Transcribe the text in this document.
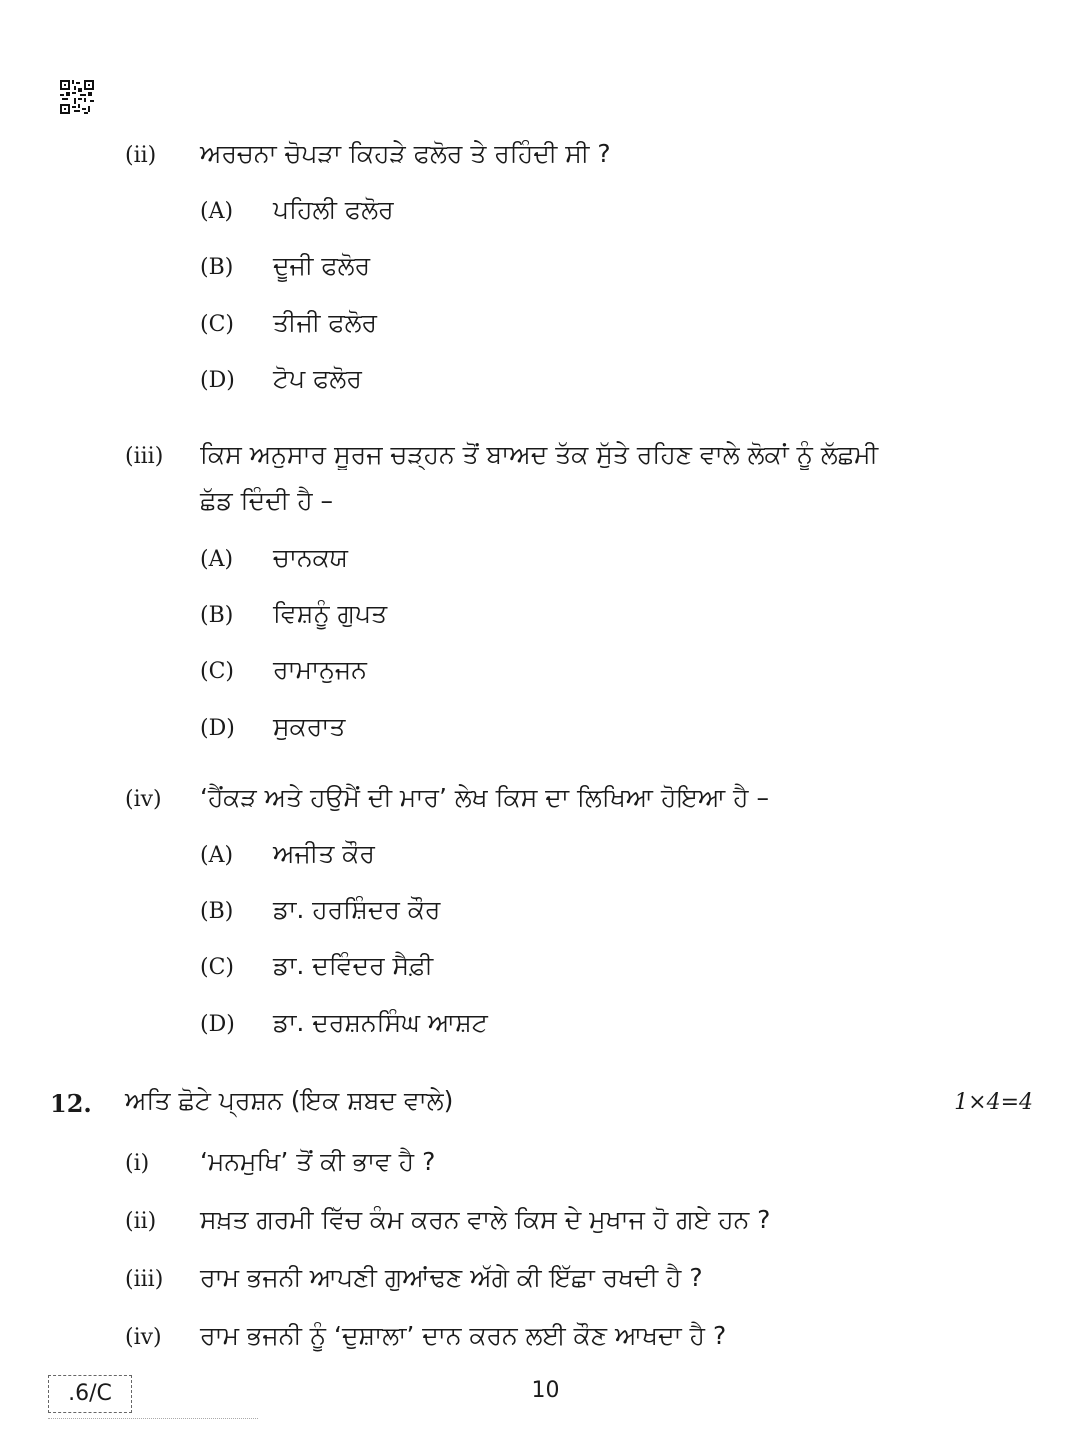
(ii) ਅਰਚਨਾ ਚੋਪੜਾ ਕਿਹੜੇ ਫਲੋਰ ਤੇ ਰਹਿੰਦੀ ਸੀ ?
(A) ਪਹਿਲੀ ਫਲੋਰ
(B) ਦੂਜੀ ਫਲੋਰ
(C) ਤੀਜੀ ਫਲੋਰ
(D) ਟੋਪ ਫਲੋਰ
(iii) ਕਿਸ ਅਨੁਸਾਰ ਸੂਰਜ ਚੜ੍ਹਨ ਤੋਂ ਬਾਅਦ ਤੱਕ ਸੁੱਤੇ ਰਹਿਣ ਵਾਲੇ ਲੋਕਾਂ ਨੂੰ ਲੱਛਮੀ
ਛੱਡ ਦਿੰਦੀ ਹੈ –
(A) ਚਾਨਕਯ
(B) ਵਿਸ਼ਨੂੰ ਗੁਪਤ
(C) ਰਾਮਾਨੁਜਨ
(D) ਸੁਕਰਾਤ
(iv) ‘ਹੈਂਕੜ ਅਤੇ ਹਉਮੈਂ ਦੀ ਮਾਰ’ ਲੇਖ ਕਿਸ ਦਾ ਲਿਖਿਆ ਹੋਇਆ ਹੈ –
(A) ਅਜੀਤ ਕੌਰ
(B) ਡਾ. ਹਰਸ਼ਿੰਦਰ ਕੌਰ
(C) ਡਾ. ਦਵਿੰਦਰ ਸੈਫ਼ੀ
(D) ਡਾ. ਦਰਸ਼ਨਸਿੰਘ ਆਸ਼ਟ
12. ਅਤਿ ਛੋਟੇ ਪ੍ਰਸ਼ਨ (ਇਕ ਸ਼ਬਦ ਵਾਲੇ)	1×4=4
(i) ‘ਮਨਮੁਖਿ’ ਤੋਂ ਕੀ ਭਾਵ ਹੈ ?
(ii) ਸਖ਼ਤ ਗਰਮੀ ਵਿੱਚ ਕੰਮ ਕਰਨ ਵਾਲੇ ਕਿਸ ਦੇ ਮੁਖਾਜ ਹੋ ਗਏ ਹਨ ?
(iii) ਰਾਮ ਭਜਨੀ ਆਪਣੀ ਗੁਆਂਢਣ ਅੱਗੇ ਕੀ ਇੱਛਾ ਰਖਦੀ ਹੈ ?
(iv) ਰਾਮ ਭਜਨੀ ਨੂੰ ‘ਦੁਸ਼ਾਲਾ’ ਦਾਨ ਕਰਨ ਲਈ ਕੌਣ ਆਖਦਾ ਹੈ ?
.6/C	10
